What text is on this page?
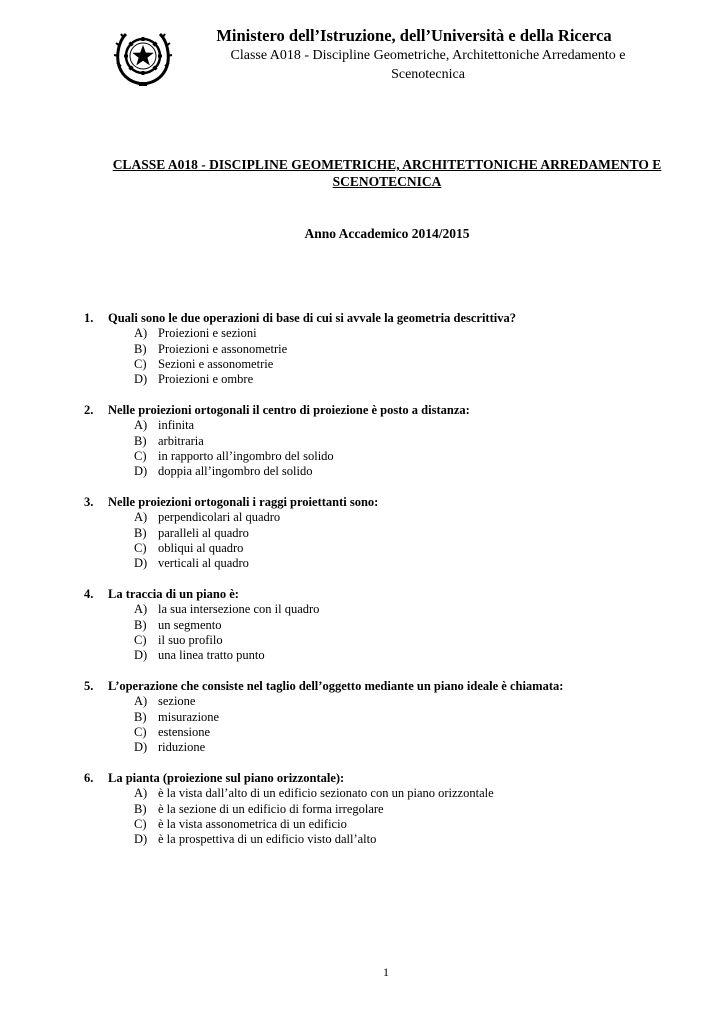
Ministero dell’Istruzione, dell’Università e della Ricerca
Classe A018 - Discipline Geometriche, Architettoniche Arredamento e Scenotecnica
CLASSE A018 - DISCIPLINE GEOMETRICHE, ARCHITETTONICHE ARREDAMENTO E SCENOTECNICA
Anno Accademico 2014/2015
1.	Quali sono le due operazioni di base di cui si avvale la geometria descrittiva?
A) Proiezioni e sezioni
B) Proiezioni e assonometrie
C) Sezioni e assonometrie
D) Proiezioni e ombre
2.	Nelle proiezioni ortogonali il centro di proiezione è posto a distanza:
A) infinita
B) arbitraria
C) in rapporto all’ingombro del solido
D) doppia all’ingombro del solido
3.	Nelle proiezioni ortogonali i raggi proiettanti sono:
A) perpendicolari al quadro
B) paralleli al quadro
C) obliqui al quadro
D) verticali al quadro
4.	La traccia di un piano è:
A) la sua intersezione con il quadro
B) un segmento
C) il suo profilo
D) una linea tratto punto
5.	L’operazione che consiste nel taglio dell’oggetto mediante un piano ideale è chiamata:
A) sezione
B) misurazione
C) estensione
D) riduzione
6.	La pianta (proiezione sul piano orizzontale):
A) è la vista dall’alto di un edificio sezionato con un piano orizzontale
B) è la sezione di un edificio di forma irregolare
C) è la vista assonometrica di un edificio
D) è la prospettiva di un edificio visto dall’alto
1
